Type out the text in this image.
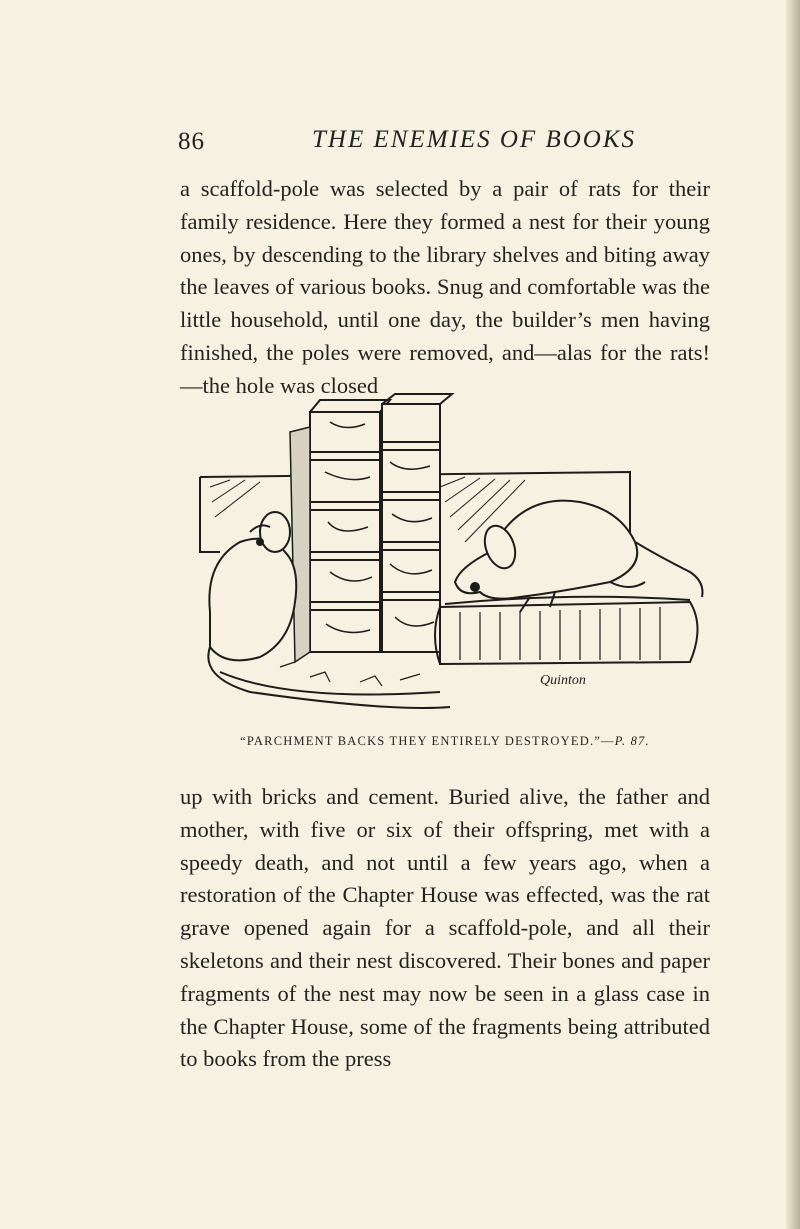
86	THE ENEMIES OF BOOKS
a scaffold-pole was selected by a pair of rats for their family residence. Here they formed a nest for their young ones, by descending to the library shelves and biting away the leaves of various books. Snug and comfortable was the little household, until one day, the builder’s men having finished, the poles were removed, and—alas for the rats!—the hole was closed
Quinton
“PARCHMENT BACKS THEY ENTIRELY DESTROYED.”—P. 87.
up with bricks and cement. Buried alive, the father and mother, with five or six of their offspring, met with a speedy death, and not until a few years ago, when a restoration of the Chapter House was effected, was the rat grave opened again for a scaffold-pole, and all their skeletons and their nest discovered. Their bones and paper fragments of the nest may now be seen in a glass case in the Chapter House, some of the fragments being attributed to books from the press
